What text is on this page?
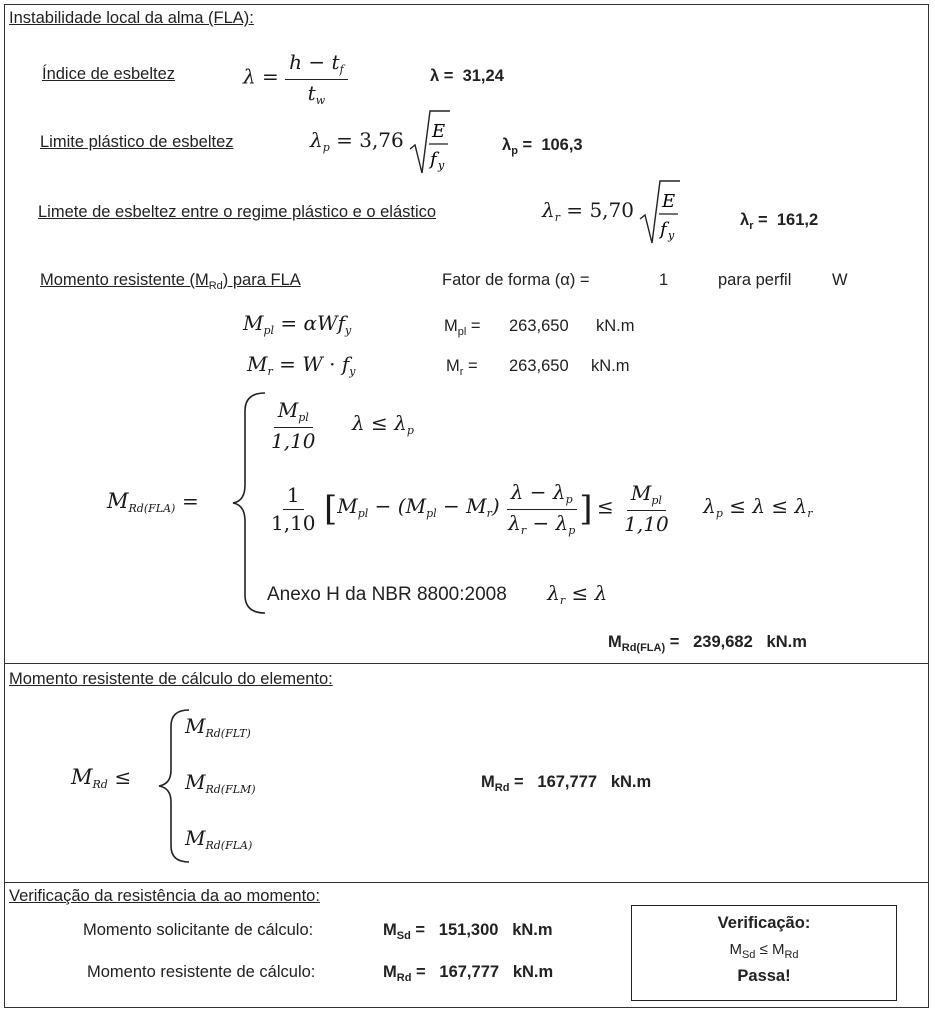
Instabilidade local da alma (FLA):
Índice de esbeltez	$\lambda = \frac{h - t_f}{t_w}$	λ = 31,24
Limite plástico de esbeltez	$\lambda_p = 3,76$ E
f y
$\lambda_p = 106,3$
Limete de esbeltez entre o regime plástico e o elástico	$\lambda_r = 5,70$ E
f y
$\lambda_r = 161,2$
Momento resistente $(M_{Rd})$ para FLA	Fator de forma (α) =	1	para perfil W
$M_{pl} = \alpha Wf_y$	$M_{pl} = 263,650$ kN.m
$M_r = W \cdot f_y$	$M_r = 263,650$ kN.m
$M_{Rd(FLA)}$ =
$\frac{M_{pl}}{1,10}$ $\lambda \le \lambda_p$
$\frac{1}{1,10} [M_{pl} - (M_{pl} - M_r) \frac{\lambda - \lambda_p}{\lambda_r - \lambda_p}$ ] ≤ $\frac{M_{pl}}{1,10} \lambda_p \le \lambda \le \lambda_r$
Anexo H da NBR 8800:2008 $\lambda_r \le \lambda$
$M_{Rd(FLA)} = 239,682$ kN.m
Momento resistente de cálculo do elemento:
$M_{Rd}$ ≤
$M_{Rd(FLT)}$
$M_{Rd(FLM)}$
$M_{Rd(FLA)}$
$M_{Rd} = 167,777$ kN.m
Verificação da resistência da ao momento:
Momento solicitante de cálculo:	$M_{Sd} = 151,300$ kN.m
Momento resistente de cálculo:	$M_{Rd} = 167,777$ kN.m
Verificação:
$M_{Sd} \le M_{Rd}$
Passa!
